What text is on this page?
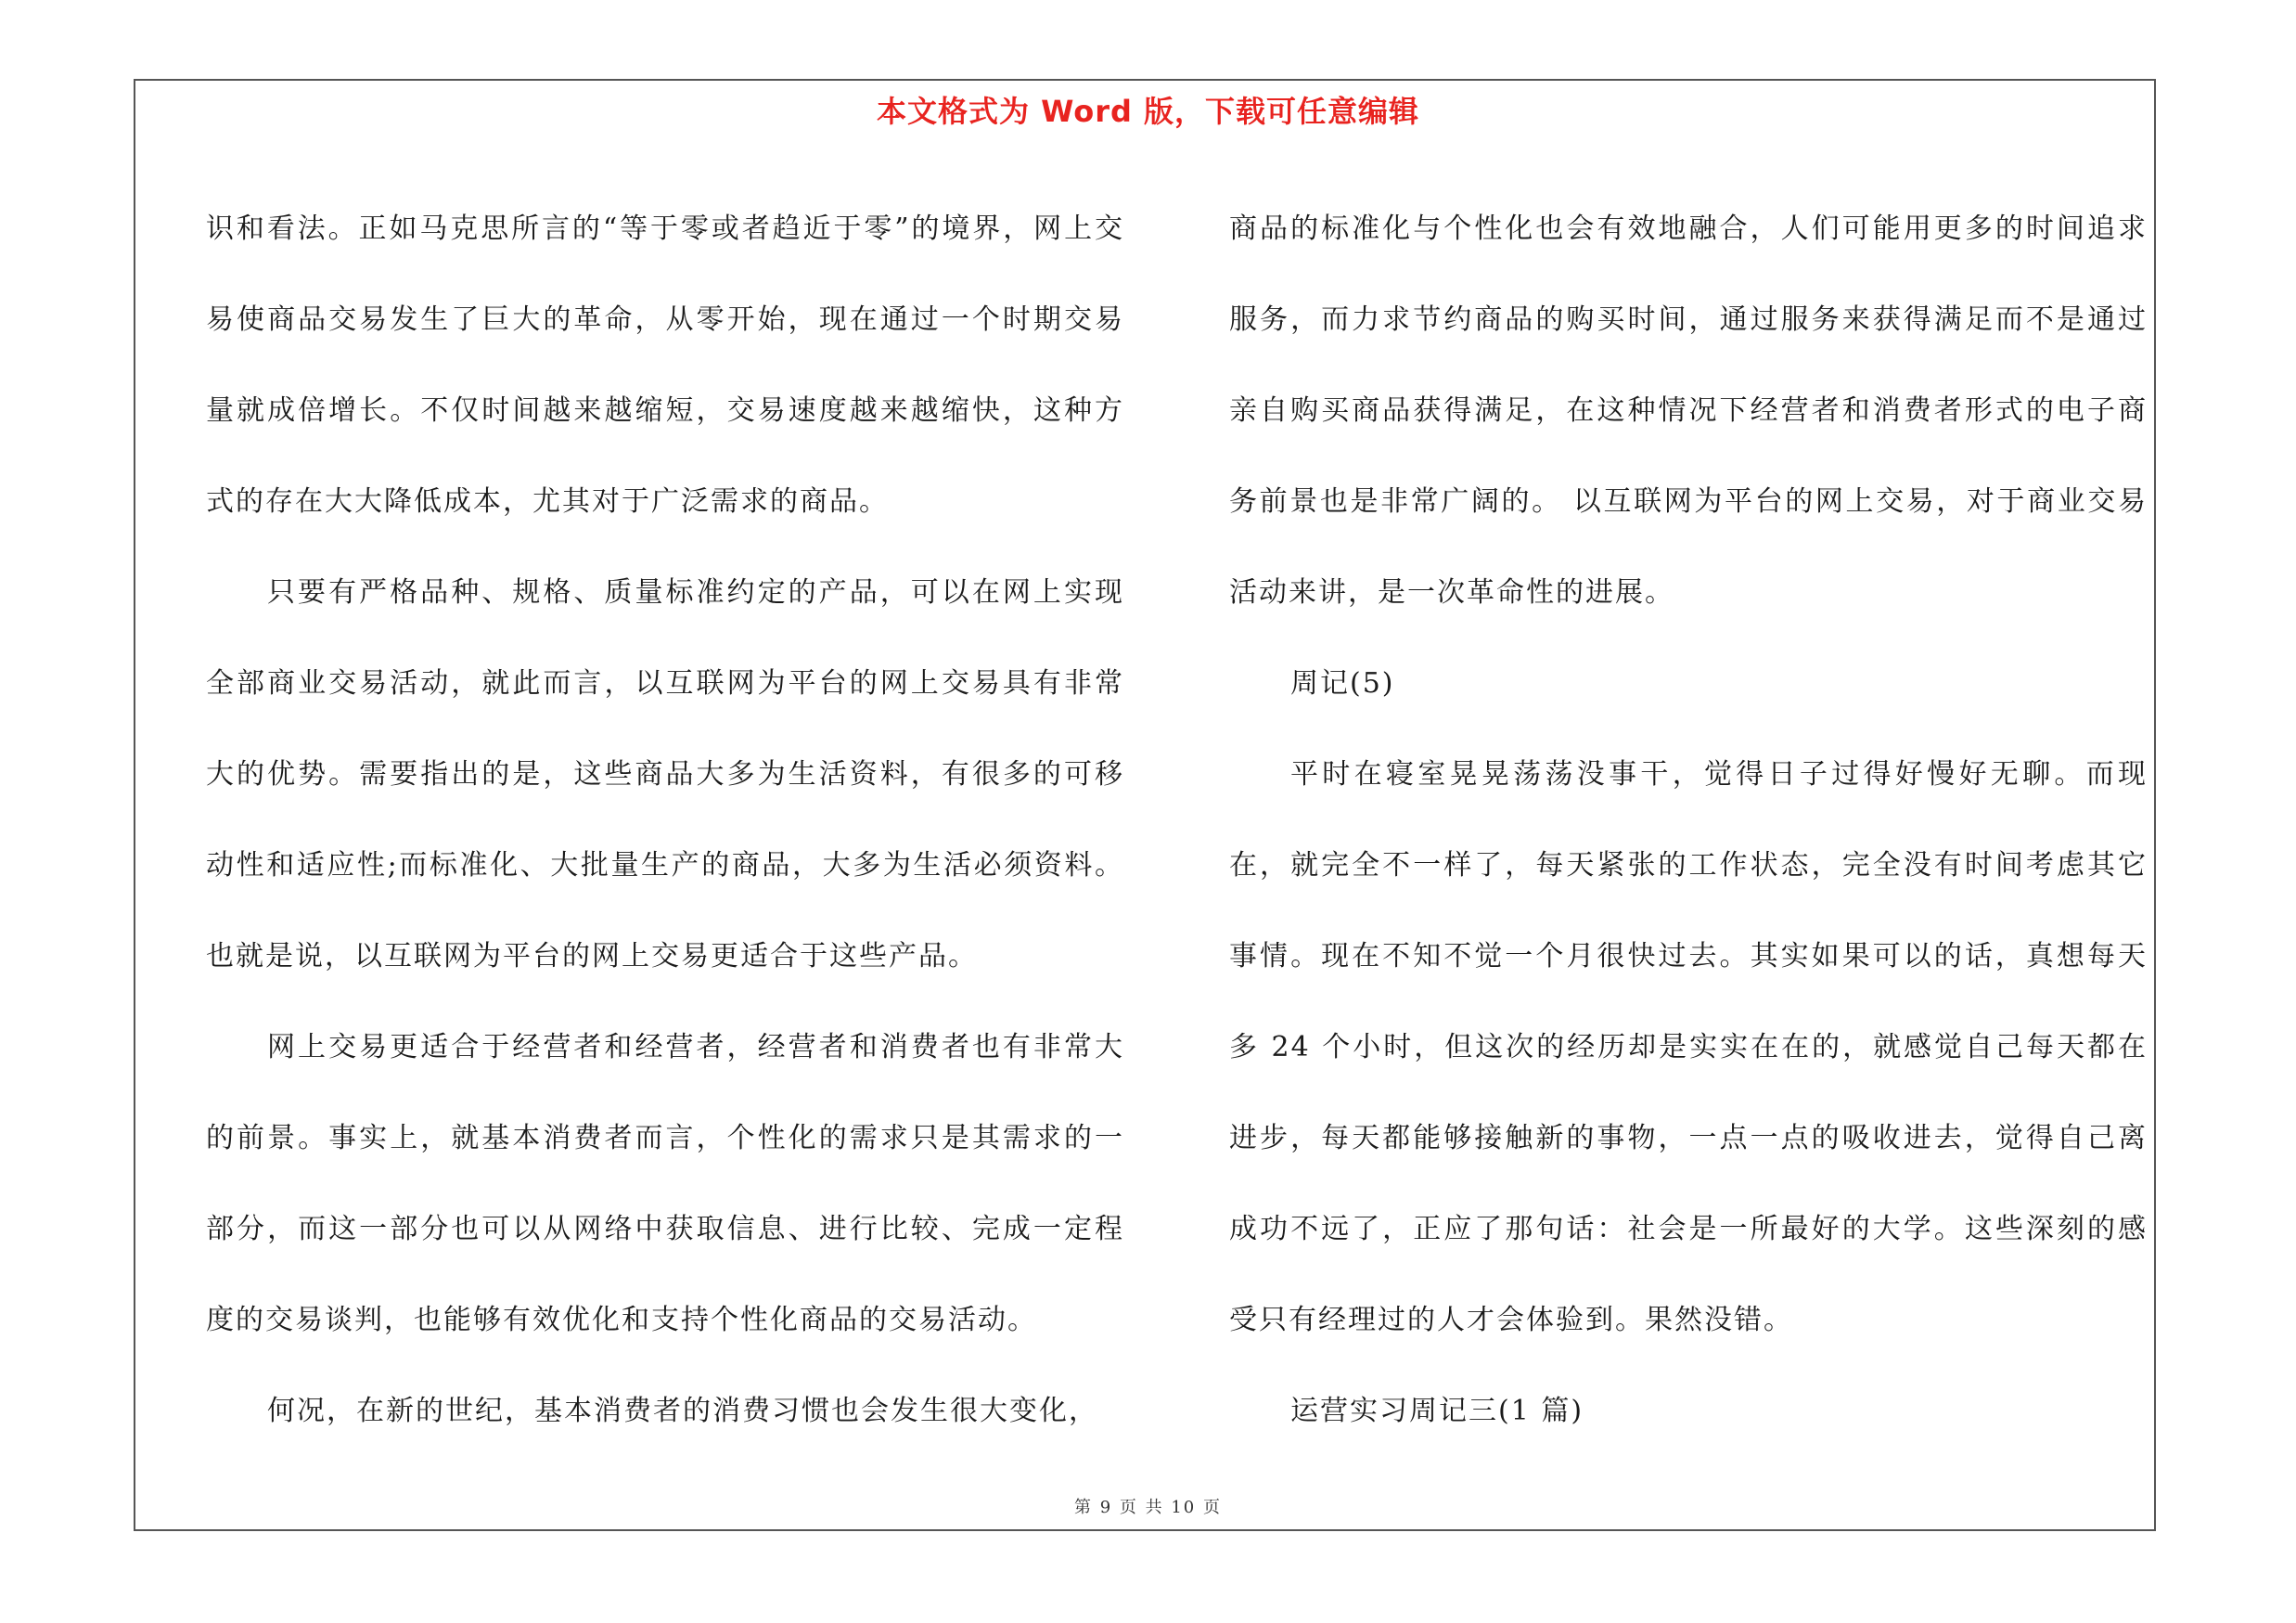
本文格式为 Word 版，下载可任意编辑

识和看法。正如马克思所言的“等于零或者趋近于零”的境界，网上交易使商品交易发生了巨大的革命，从零开始，现在通过一个时期交易量就成倍增长。不仅时间越来越缩短，交易速度越来越缩快，这种方式的存在大大降低成本，尤其对于广泛需求的商品。

只要有严格品种、规格、质量标准约定的产品，可以在网上实现全部商业交易活动，就此而言，以互联网为平台的网上交易具有非常大的优势。需要指出的是，这些商品大多为生活资料，有很多的可移动性和适应性;而标准化、大批量生产的商品，大多为生活必须资料。也就是说，以互联网为平台的网上交易更适合于这些产品。

网上交易更适合于经营者和经营者，经营者和消费者也有非常大的前景。事实上，就基本消费者而言，个性化的需求只是其需求的一部分，而这一部分也可以从网络中获取信息、进行比较、完成一定程度的交易谈判，也能够有效优化和支持个性化商品的交易活动。

何况，在新的世纪，基本消费者的消费习惯也会发生很大变化，

商品的标准化与个性化也会有效地融合，人们可能用更多的时间追求服务，而力求节约商品的购买时间，通过服务来获得满足而不是通过亲自购买商品获得满足，在这种情况下经营者和消费者形式的电子商务前景也是非常广阔的。 以互联网为平台的网上交易，对于商业交易活动来讲，是一次革命性的进展。

周记(5)

平时在寝室晃晃荡荡没事干，觉得日子过得好慢好无聊。而现在，就完全不一样了，每天紧张的工作状态，完全没有时间考虑其它事情。现在不知不觉一个月很快过去。其实如果可以的话，真想每天多 24 个小时，但这次的经历却是实实在在的，就感觉自己每天都在进步，每天都能够接触新的事物，一点一点的吸收进去，觉得自己离成功不远了，正应了那句话：社会是一所最好的大学。这些深刻的感受只有经理过的人才会体验到。果然没错。

运营实习周记三(1 篇)

第 9 页 共 10 页
